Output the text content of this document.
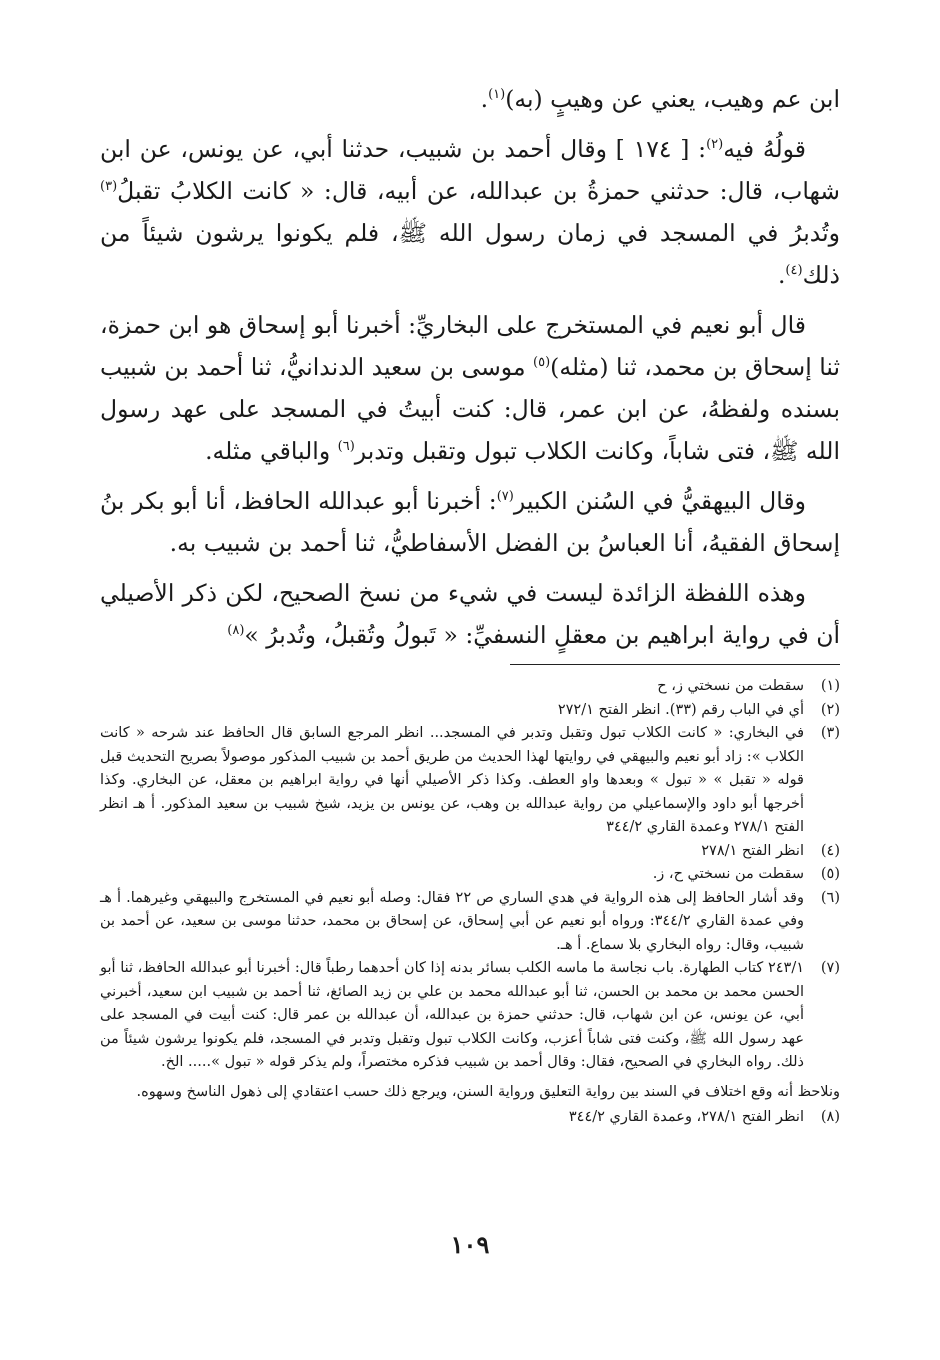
ابن عم وهيب، يعني عن وهيبٍ (به)$^{(١)}$.

قولُهُ فيه$^{(٢)}$: [ ١٧٤ ] وقال أحمد بن شبيب، حدثنا أبي، عن يونس، عن ابن شهاب، قال: حدثني حمزةُ بن عبدالله، عن أبيه، قال: « كانت الكلابُ تقبلُ$^{(٣)}$ وتُدبرُ في المسجد في زمان رسول الله ﷺ، فلم يكونوا يرشون شيئاً من ذلك$^{(٤)}$.

قال أبو نعيم في المستخرج على البخاريِّ: أخبرنا أبو إسحاق هو ابن حمزة، ثنا إسحاق بن محمد، ثنا (مثله)$^{(٥)}$ موسى بن سعيد الدندانيُّ، ثنا أحمد بن شبيب بسنده ولفظهُ، عن ابن عمر، قال: كنت أبيتُ في المسجد على عهد رسول الله ﷺ، فتى شاباً، وكانت الكلاب تبول وتقبل وتدبر$^{(٦)}$ والباقي مثله.

وقال البيهقيُّ في السُنن الكبير$^{(٧)}$: أخبرنا أبو عبدالله الحافظ، أنا أبو بكر بنُ إسحاق الفقيهُ، أنا العباسُ بن الفضل الأسفاطيُّ، ثنا أحمد بن شبيب به.

وهذه اللفظة الزائدة ليست في شيء من نسخ الصحيح، لكن ذكر الأصيلي أن في رواية ابراهيم بن معقلٍ النسفيِّ: « تَبولُ وتُقبلُ، وتُدبرُ »$^{(٨)}$

(١)
سقطت من نسختي ز، ح
(٢)
أي في الباب رقم (٣٣). انظر الفتح ٢٧٢/١
(٣)
في البخاري: « كانت الكلاب تبول وتقبل وتدبر في المسجد... انظر المرجع السابق قال الحافظ عند شرحه « كانت الكلاب »: زاد أبو نعيم والبيهقي في روايتها لهذا الحديث من طريق أحمد بن شبيب المذكور موصولاً بصريح التحديث قبل قوله « تقبل » « تبول » وبعدها واو العطف. وكذا ذكر الأصيلي أنها في رواية ابراهيم بن معقل، عن البخاري. وكذا أخرجها أبو داود والإسماعيلي من رواية عبدالله بن وهب، عن يونس بن يزيد، شيخ شبيب بن سعيد المذكور. أ هـ انظر الفتح ٢٧٨/١ وعمدة القاري ٣٤٤/٢
(٤)
انظر الفتح ٢٧٨/١
(٥)
سقطت من نسختي ح، ز.
(٦)
وقد أشار الحافظ إلى هذه الرواية في هدي الساري ص ٢٢ فقال: وصله أبو نعيم في المستخرج والبيهقي وغيرهما. أ هـ وفي عمدة القاري ٣٤٤/٢: ورواه أبو نعيم عن أبي إسحاق، عن إسحاق بن محمد، حدثنا موسى بن سعيد، عن أحمد بن شبيب، وقال: رواه البخاري بلا سماع. أ هـ.
(٧)
٢٤٣/١ كتاب الطهارة. باب نجاسة ما ماسه الكلب بسائر بدنه إذا كان أحدهما رطباً قال: أخبرنا أبو عبدالله الحافظ، ثنا أبو الحسن محمد بن محمد بن الحسن، ثنا أبو عبدالله محمد بن علي بن زيد الصائغ، ثنا أحمد بن شبيب ابن سعيد، أخبرني أبي، عن يونس، عن ابن شهاب، قال: حدثني حمزة بن عبدالله، أن عبدالله بن عمر قال: كنت أبيت في المسجد على عهد رسول الله ﷺ، وكنت فتى شاباً أعزب، وكانت الكلاب تبول وتقبل وتدبر في المسجد، فلم يكونوا يرشون شيئاً من ذلك. رواه البخاري في الصحيح، فقال: وقال أحمد بن شبيب فذكره مختصراً، ولم يذكر قوله « تبول »..... الخ.
ونلاحظ أنه وقع اختلاف في السند بين رواية التعليق ورواية السنن، ويرجع ذلك حسب اعتقادي إلى ذهول الناسخ وسهوه.
(٨)
انظر الفتح ٢٧٨/١، وعمدة القاري ٣٤٤/٢
١٠٩
